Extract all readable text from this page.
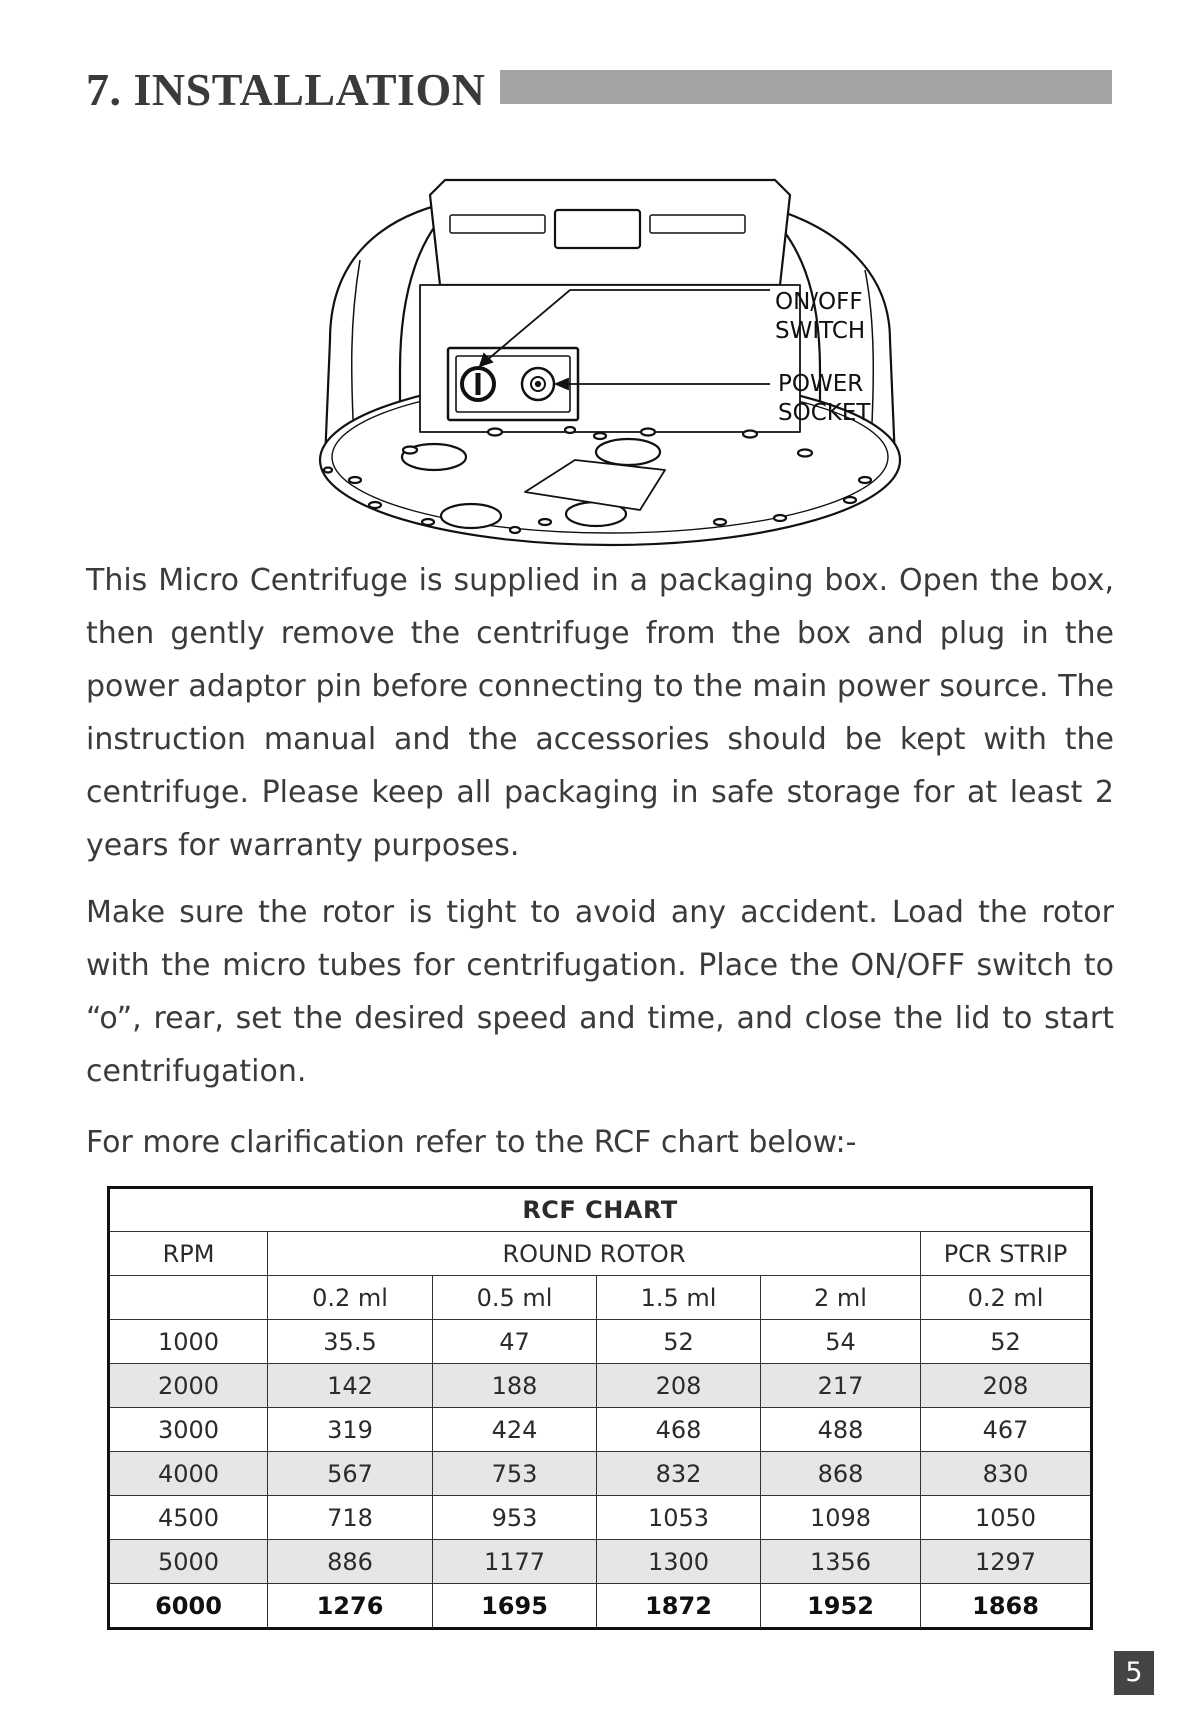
7. INSTALLATION
ON/OFF
SWITCH
POWER
SOCKET

This Micro Centrifuge is supplied in a packaging box. Open the box, then gently remove the centrifuge from the box and plug in the power adaptor pin before connecting to the main power source. The instruction manual and the accessories should be kept with the centrifuge. Please keep all packaging in safe storage for at least 2 years for warranty purposes.

Make sure the rotor is tight to avoid any accident. Load the rotor with the micro tubes for centrifugation. Place the ON/OFF switch to “o”, rear, set the desired speed and time, and close the lid to start centrifugation.

For more clarification refer to the RCF chart below:-

RCF CHART					
RPM	ROUND ROTOR				PCR STRIP
	0.2 ml	0.5 ml	1.5 ml	2 ml	0.2 ml
1000	35.5	47	52	54	52
2000	142	188	208	217	208
3000	319	424	468	488	467
4000	567	753	832	868	830
4500	718	953	1053	1098	1050
5000	886	1177	1300	1356	1297
6000	1276	1695	1872	1952	1868
5
